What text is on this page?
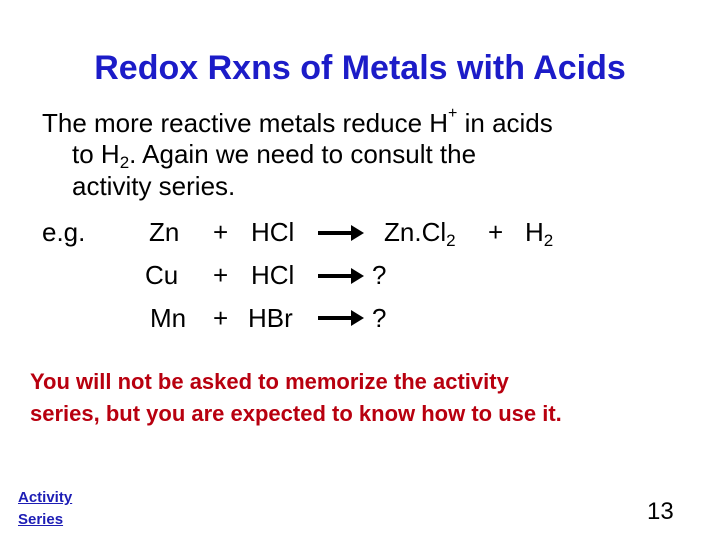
Redox Rxns of Metals with Acids
The more reactive metals reduce H+ in acids
to $H_2$. Again we need to consult the
activity series.
e.g. Zn + HCl → $Zn.Cl_2 + H_2$
Cu + HCl → ?
Mn + HBr → ?
You will not be asked to memorize the activity
series, but you are expected to know how to use it.
Activity
Series	13
